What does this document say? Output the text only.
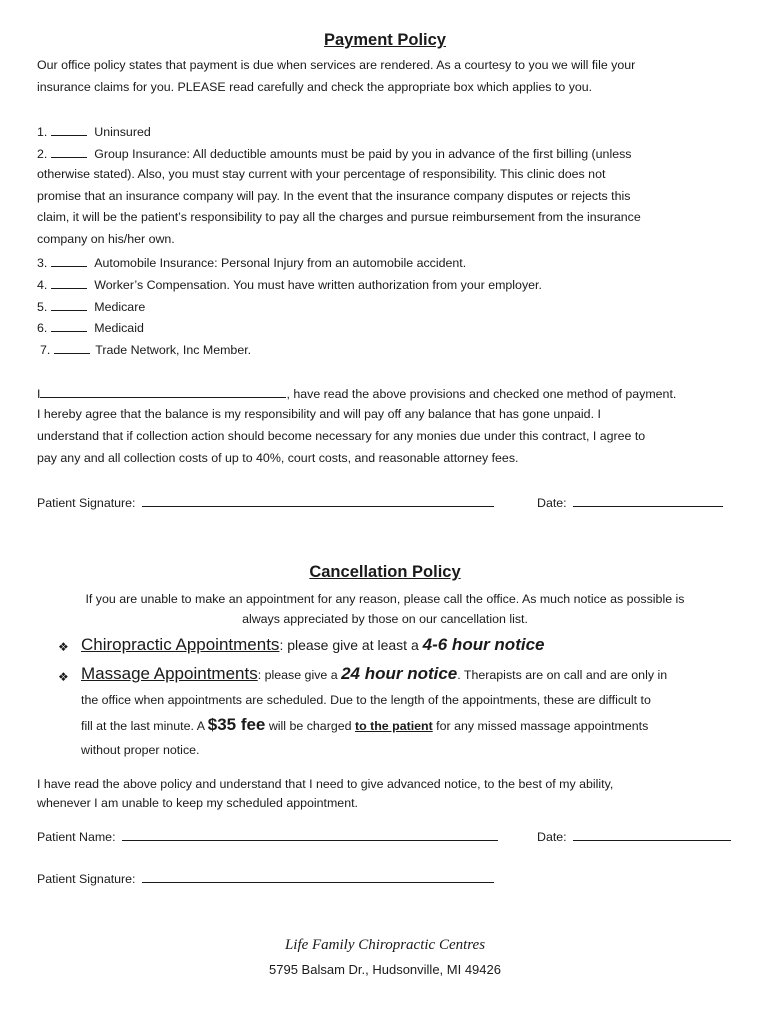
Payment Policy
Our office policy states that payment is due when services are rendered. As a courtesy to you we will file your
insurance claims for you. PLEASE read carefully and check the appropriate box which applies to you.
1.	Uninsured
2.	Group Insurance: All deductible amounts must be paid by you in advance of the first billing (unless
otherwise stated). Also, you must stay current with your percentage of responsibility. This clinic does not
promise that an insurance company will pay. In the event that the insurance company disputes or rejects this
claim, it will be the patient’s responsibility to pay all the charges and pursue reimbursement from the insurance
company on his/her own.
3.	Automobile Insurance: Personal Injury from an automobile accident.
4.	Worker’s Compensation. You must have written authorization from your employer.
5.	Medicare
6.	Medicaid
7.	Trade Network, Inc Member.
I	, have read the above provisions and checked one method of payment.
I hereby agree that the balance is my responsibility and will pay off any balance that has gone unpaid. I
understand that if collection action should become necessary for any monies due under this contract, I agree to
pay any and all collection costs of up to 40%, court costs, and reasonable attorney fees.
Patient Signature:	Date:
Cancellation Policy
If you are unable to make an appointment for any reason, please call the office. As much notice as possible is
always appreciated by those on our cancellation list.
❖ Chiropractic Appointments: please give at least a 4-6 hour notice
❖ Massage Appointments: please give a 24 hour notice. Therapists are on call and are only in
the office when appointments are scheduled. Due to the length of the appointments, these are difficult to
fill at the last minute. A $35 fee will be charged to the patient for any missed massage appointments
without proper notice.
I have read the above policy and understand that I need to give advanced notice, to the best of my ability,
whenever I am unable to keep my scheduled appointment.
Patient Name:	Date:
Patient Signature:
Life Family Chiropractic Centres
5795 Balsam Dr., Hudsonville, MI 49426
